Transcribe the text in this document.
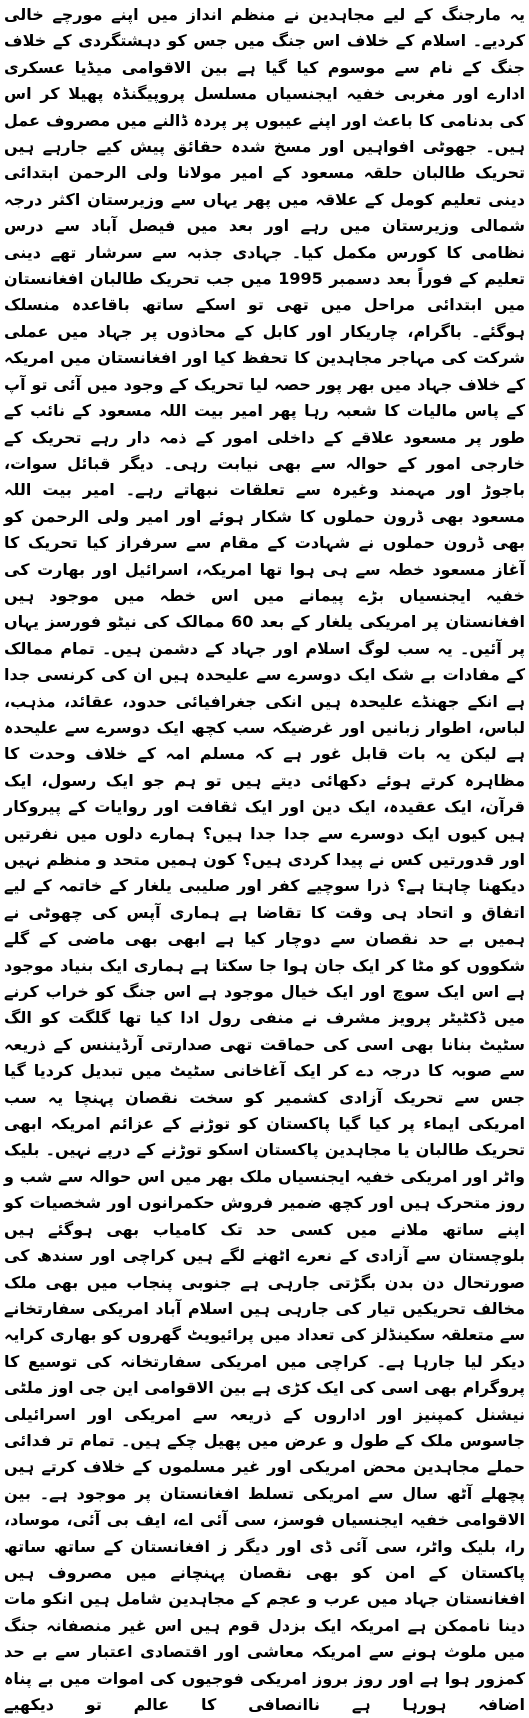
یہ مارجنگ کے لیے مجاہدین نے منظم انداز میں اپنے مورچے خالی کردیے۔ اسلام کے خلاف اس جنگ میں جس کو دہشتگردی کے خلاف جنگ کے نام سے موسوم کیا گیا ہے بین الاقوامی میڈیا عسکری ادارے اور مغربی خفیہ ایجنسیاں مسلسل پروپیگنڈہ پھیلا کر اس کی بدنامی کا باعث اور اپنے عیبوں پر پردہ ڈالنے میں مصروف عمل ہیں۔ جھوٹی افواہیں اور مسخ شدہ حقائق پیش کیے جارہے ہیں تحریک طالبان حلقہ مسعود کے امیر مولانا ولی الرحمن ابتدائی دینی تعلیم کومل کے علاقہ میں پھر یہاں سے وزیرستان اکثر درجہ شمالی وزیرستان میں رہے اور بعد میں فیصل آباد سے درس نظامی کا کورس مکمل کیا۔ جہادی جذبہ سے سرشار تھے دینی تعلیم کے فوراً بعد دسمبر 1995 میں جب تحریک طالبان افغانستان میں ابتدائی مراحل میں تھی تو اسکے ساتھ باقاعدہ منسلک ہوگئے۔ باگرام، چاریکار اور کابل کے محاذوں پر جہاد میں عملی شرکت کی مہاجر مجاہدین کا تحفظ کیا اور افغانستان میں امریکہ کے خلاف جہاد میں بھر پور حصہ لیا تحریک کے وجود میں آئی تو آپ کے پاس مالیات کا شعبہ رہا پھر امیر بیت اللہ مسعود کے نائب کے طور پر مسعود علاقے کے داخلی امور کے ذمہ دار رہے تحریک کے خارجی امور کے حوالہ سے بھی نیابت رہی۔ دیگر قبائل سوات، باجوڑ اور مہمند وغیرہ سے تعلقات نبھاتے رہے۔ امیر بیت اللہ مسعود بھی ڈرون حملوں کا شکار ہوئے اور امیر ولی الرحمن کو بھی ڈرون حملوں نے شہادت کے مقام سے سرفراز کیا تحریک کا آغاز مسعود خطہ سے ہی ہوا تھا امریکہ، اسرائیل اور بھارت کی خفیہ ایجنسیاں بڑے پیمانے میں اس خطہ میں موجود ہیں افغانستان پر امریکی یلغار کے بعد 60 ممالک کی نیٹو فورسز یہاں پر آئیں۔ یہ سب لوگ اسلام اور جہاد کے دشمن ہیں۔ تمام ممالک کے مفادات بے شک ایک دوسرے سے علیحدہ ہیں ان کی کرنسی جدا ہے انکے جھنڈے علیحدہ ہیں انکی جغرافیائی حدود، عقائد، مذہب، لباس، اطوار زبانیں اور غرضیکہ سب کچھ ایک دوسرے سے علیحدہ ہے لیکن یہ بات قابل غور ہے کہ مسلم امہ کے خلاف وحدت کا مظاہرہ کرتے ہوئے دکھائی دیتے ہیں تو ہم جو ایک رسول، ایک قرآن، ایک عقیدہ، ایک دین اور ایک ثقافت اور روایات کے پیروکار ہیں کیوں ایک دوسرے سے جدا جدا ہیں؟ ہمارے دلوں میں نفرتیں اور قدورتیں کس نے پیدا کردی ہیں؟ کون ہمیں متحد و منظم نہیں دیکھنا چاہتا ہے؟ ذرا سوچیے کفر اور صلیبی یلغار کے خاتمہ کے لیے اتفاق و اتحاد ہی وقت کا تقاضا ہے ہماری آپس کی چھوٹی نے ہمیں بے حد نقصان سے دوچار کیا ہے ابھی بھی ماضی کے گلے شکووں کو مٹا کر ایک جان ہوا جا سکتا ہے ہماری ایک بنیاد موجود ہے اس ایک سوچ اور ایک خیال موجود ہے اس جنگ کو خراب کرنے میں ڈکٹیٹر پرویز مشرف نے منفی رول ادا کیا تھا گلگت کو الگ سٹیٹ بنانا بھی اسی کی حماقت تھی صدارتی آرڈیننس کے ذریعہ سے صوبہ کا درجہ دے کر ایک آغاخانی سٹیٹ میں تبدیل کردیا گیا جس سے تحریک آزادی کشمیر کو سخت نقصان پہنچا یہ سب امریکی ایماء پر کیا گیا پاکستان کو توڑنے کے عزائم امریکہ ابھی تحریک طالبان یا مجاہدین پاکستان اسکو توڑنے کے درپے نہیں۔ بلیک واٹر اور امریکی خفیہ ایجنسیاں ملک بھر میں اس حوالہ سے شب و روز متحرک ہیں اور کچھ ضمیر فروش حکمرانوں اور شخصیات کو اپنے ساتھ ملانے میں کسی حد تک کامیاب بھی ہوگئے ہیں بلوچستان سے آزادی کے نعرے اٹھنے لگے ہیں کراچی اور سندھ کی صورتحال دن بدن بگڑتی جارہی ہے جنوبی پنجاب میں بھی ملک مخالف تحریکیں تیار کی جارہی ہیں اسلام آباد امریکی سفارتخانے سے متعلقہ سکینڈلز کی تعداد میں پرائیویٹ گھروں کو بھاری کرایہ دیکر لیا جارہا ہے۔ کراچی میں امریکی سفارتخانہ کی توسیع کا پروگرام بھی اسی کی ایک کڑی ہے بین الاقوامی این جی اوز ملٹی نیشنل کمپنیز اور اداروں کے ذریعہ سے امریکی اور اسرائیلی جاسوس ملک کے طول و عرض میں پھیل چکے ہیں۔ تمام تر فدائی حملے مجاہدین محض امریکی اور غیر مسلموں کے خلاف کرتے ہیں پچھلے آٹھ سال سے امریکی تسلط افغانستان پر موجود ہے۔ بین الاقوامی خفیہ ایجنسیاں فوسز، سی آئی اے، ایف بی آئی، موساد، را، بلیک واٹر، سی آئی ڈی اور دیگر ز افغانستان کے ساتھ ساتھ پاکستان کے امن کو بھی نقصان پہنچانے میں مصروف ہیں افغانستان جہاد میں عرب و عجم کے مجاہدین شامل ہیں انکو مات دینا ناممکن ہے امریکہ ایک بزدل قوم ہیں اس غیر منصفانہ جنگ میں ملوث ہونے سے امریکہ معاشی اور اقتصادی اعتبار سے بے حد کمزور ہوا ہے اور روز بروز امریکی فوجیوں کی اموات میں بے پناہ اضافہ ہورہا ہے ناانصافی کا عالم تو دیکھیے
